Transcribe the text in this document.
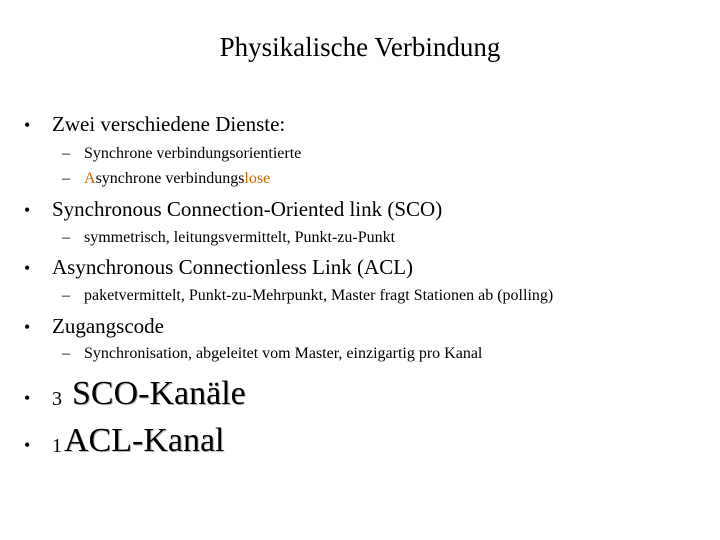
Physikalische Verbindung
• Zwei verschiedene Dienste:
– Synchrone verbindungsorientierte
– Asynchrone verbindungslose
• Synchronous Connection-Oriented link (SCO)
– symmetrisch, leitungsvermittelt, Punkt-zu-Punkt
• Asynchronous Connectionless Link (ACL)
– paketvermittelt, Punkt-zu-Mehrpunkt, Master fragt Stationen ab (polling)
• Zugangscode
– Synchronisation, abgeleitet vom Master, einzigartig pro Kanal
• 3 SCO-Kanäle
• 1 ACL-Kanal
